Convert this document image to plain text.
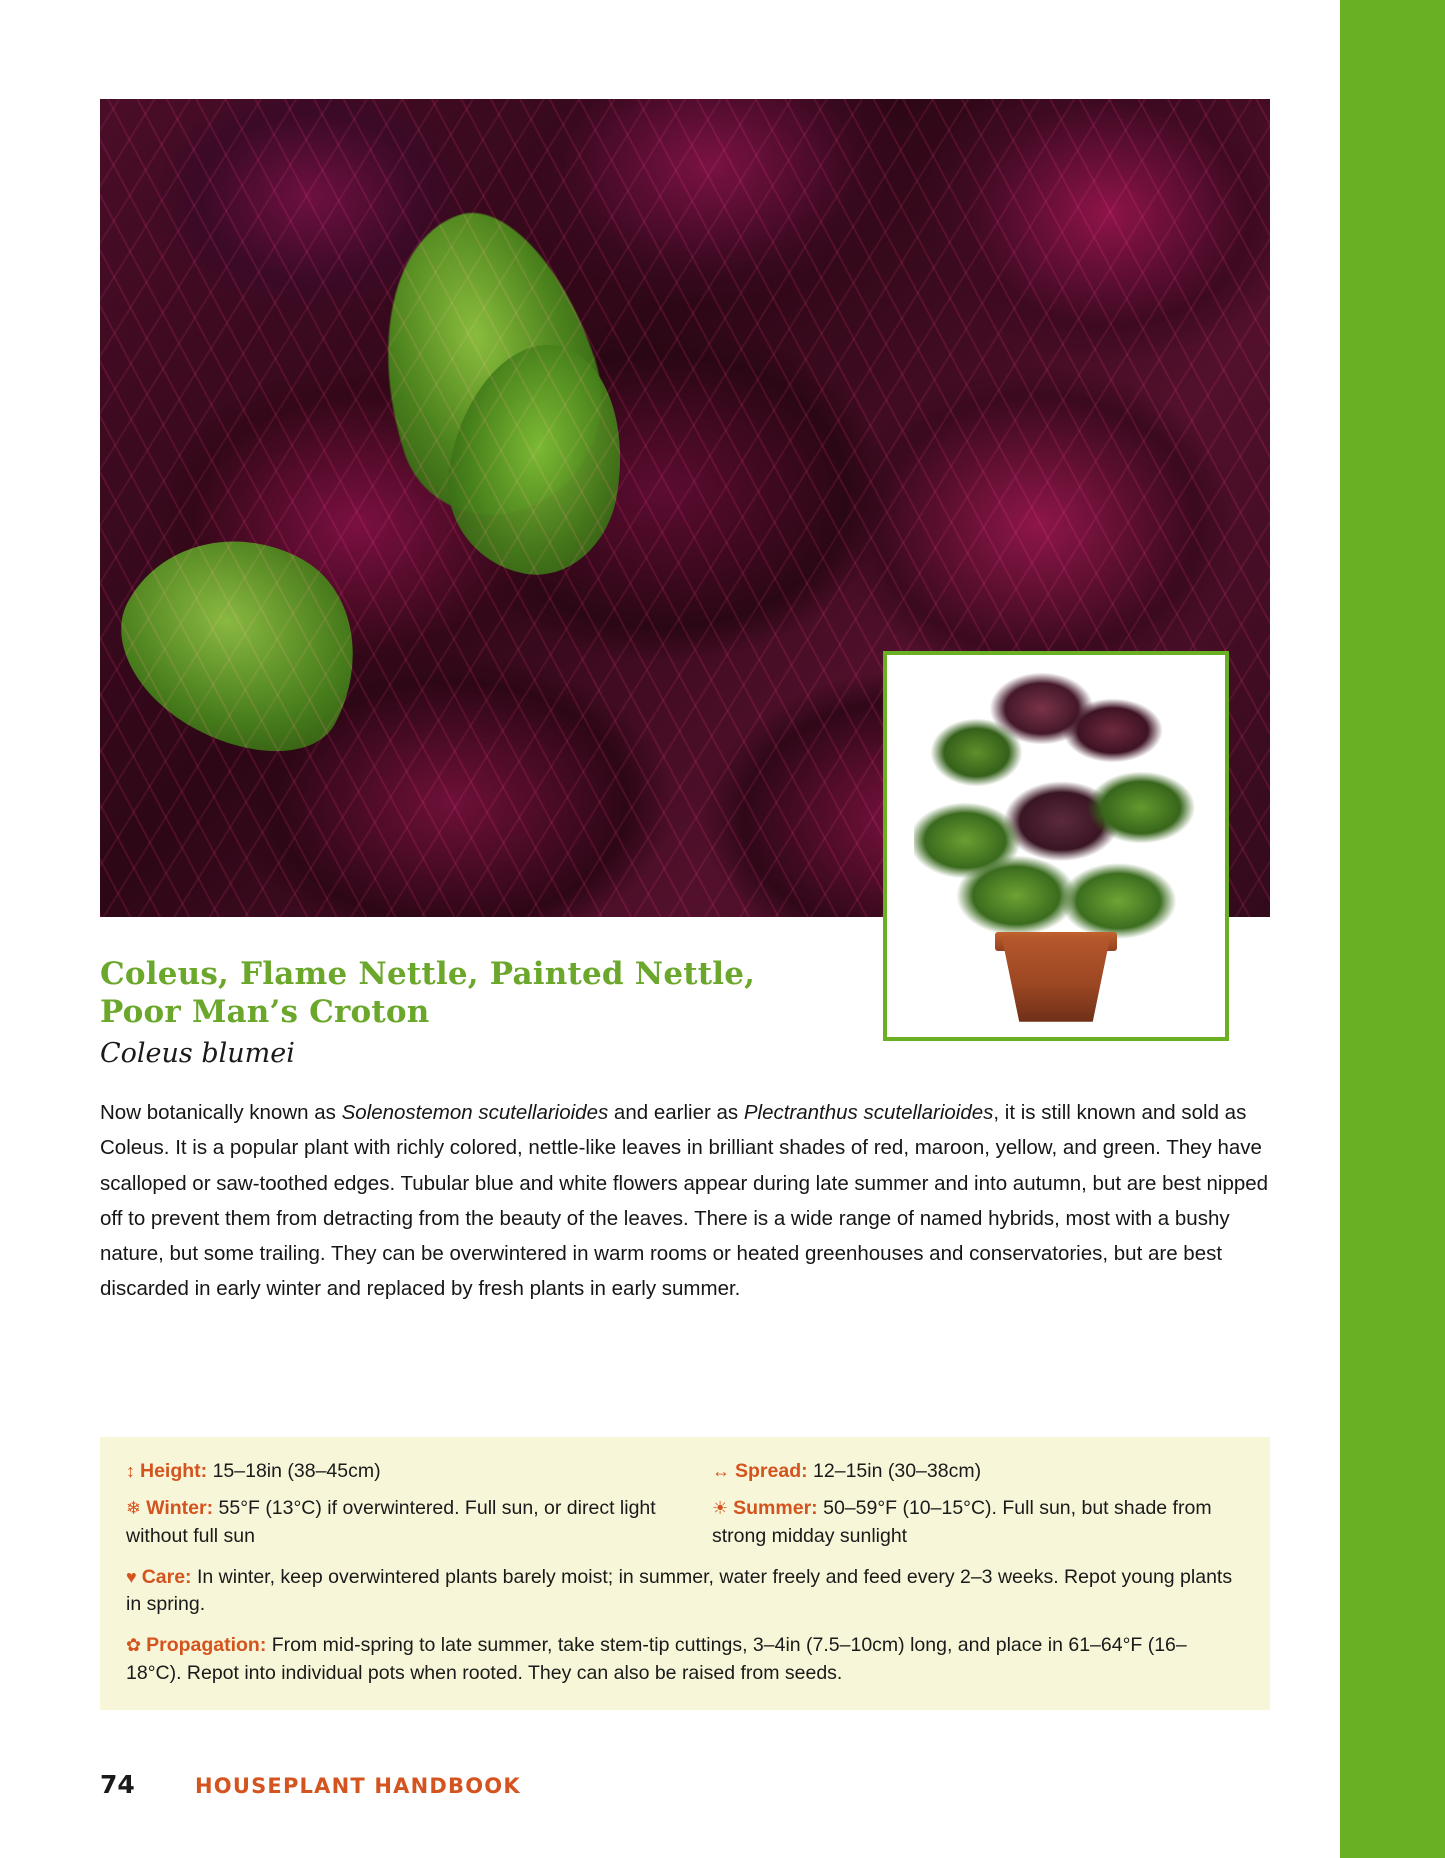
Coleus, Flame Nettle, Painted Nettle,
Poor Man’s Croton

Coleus blumei

Now botanically known as Solenostemon scutellarioides and earlier as Plectranthus scutellarioides, it is still known and sold as Coleus. It is a popular plant with richly colored, nettle-like leaves in brilliant shades of red, maroon, yellow, and green. They have scalloped or saw-toothed edges. Tubular blue and white flowers appear during late summer and into autumn, but are best nipped off to prevent them from detracting from the beauty of the leaves. There is a wide range of named hybrids, most with a bushy nature, but some trailing. They can be overwintered in warm rooms or heated greenhouses and conservatories, but are best discarded in early winter and replaced by fresh plants in early summer.
↕ Height: 15–18in (38–45cm)	↔ Spread: 12–15in (30–38cm)
❄ Winter: 55°F (13°C) if overwintered. Full sun, or direct light without full sun
☀ Summer: 50–59°F (10–15°C). Full sun, but shade from strong midday sunlight
♥ Care: In winter, keep overwintered plants barely moist; in summer, water freely and feed every 2–3 weeks. Repot young plants in spring.
✿ Propagation: From mid-spring to late summer, take stem-tip cuttings, 3–4in (7.5–10cm) long, and place in 61–64°F (16–18°C). Repot into individual pots when rooted. They can also be raised from seeds.
74	HOUSEPLANT HANDBOOK
